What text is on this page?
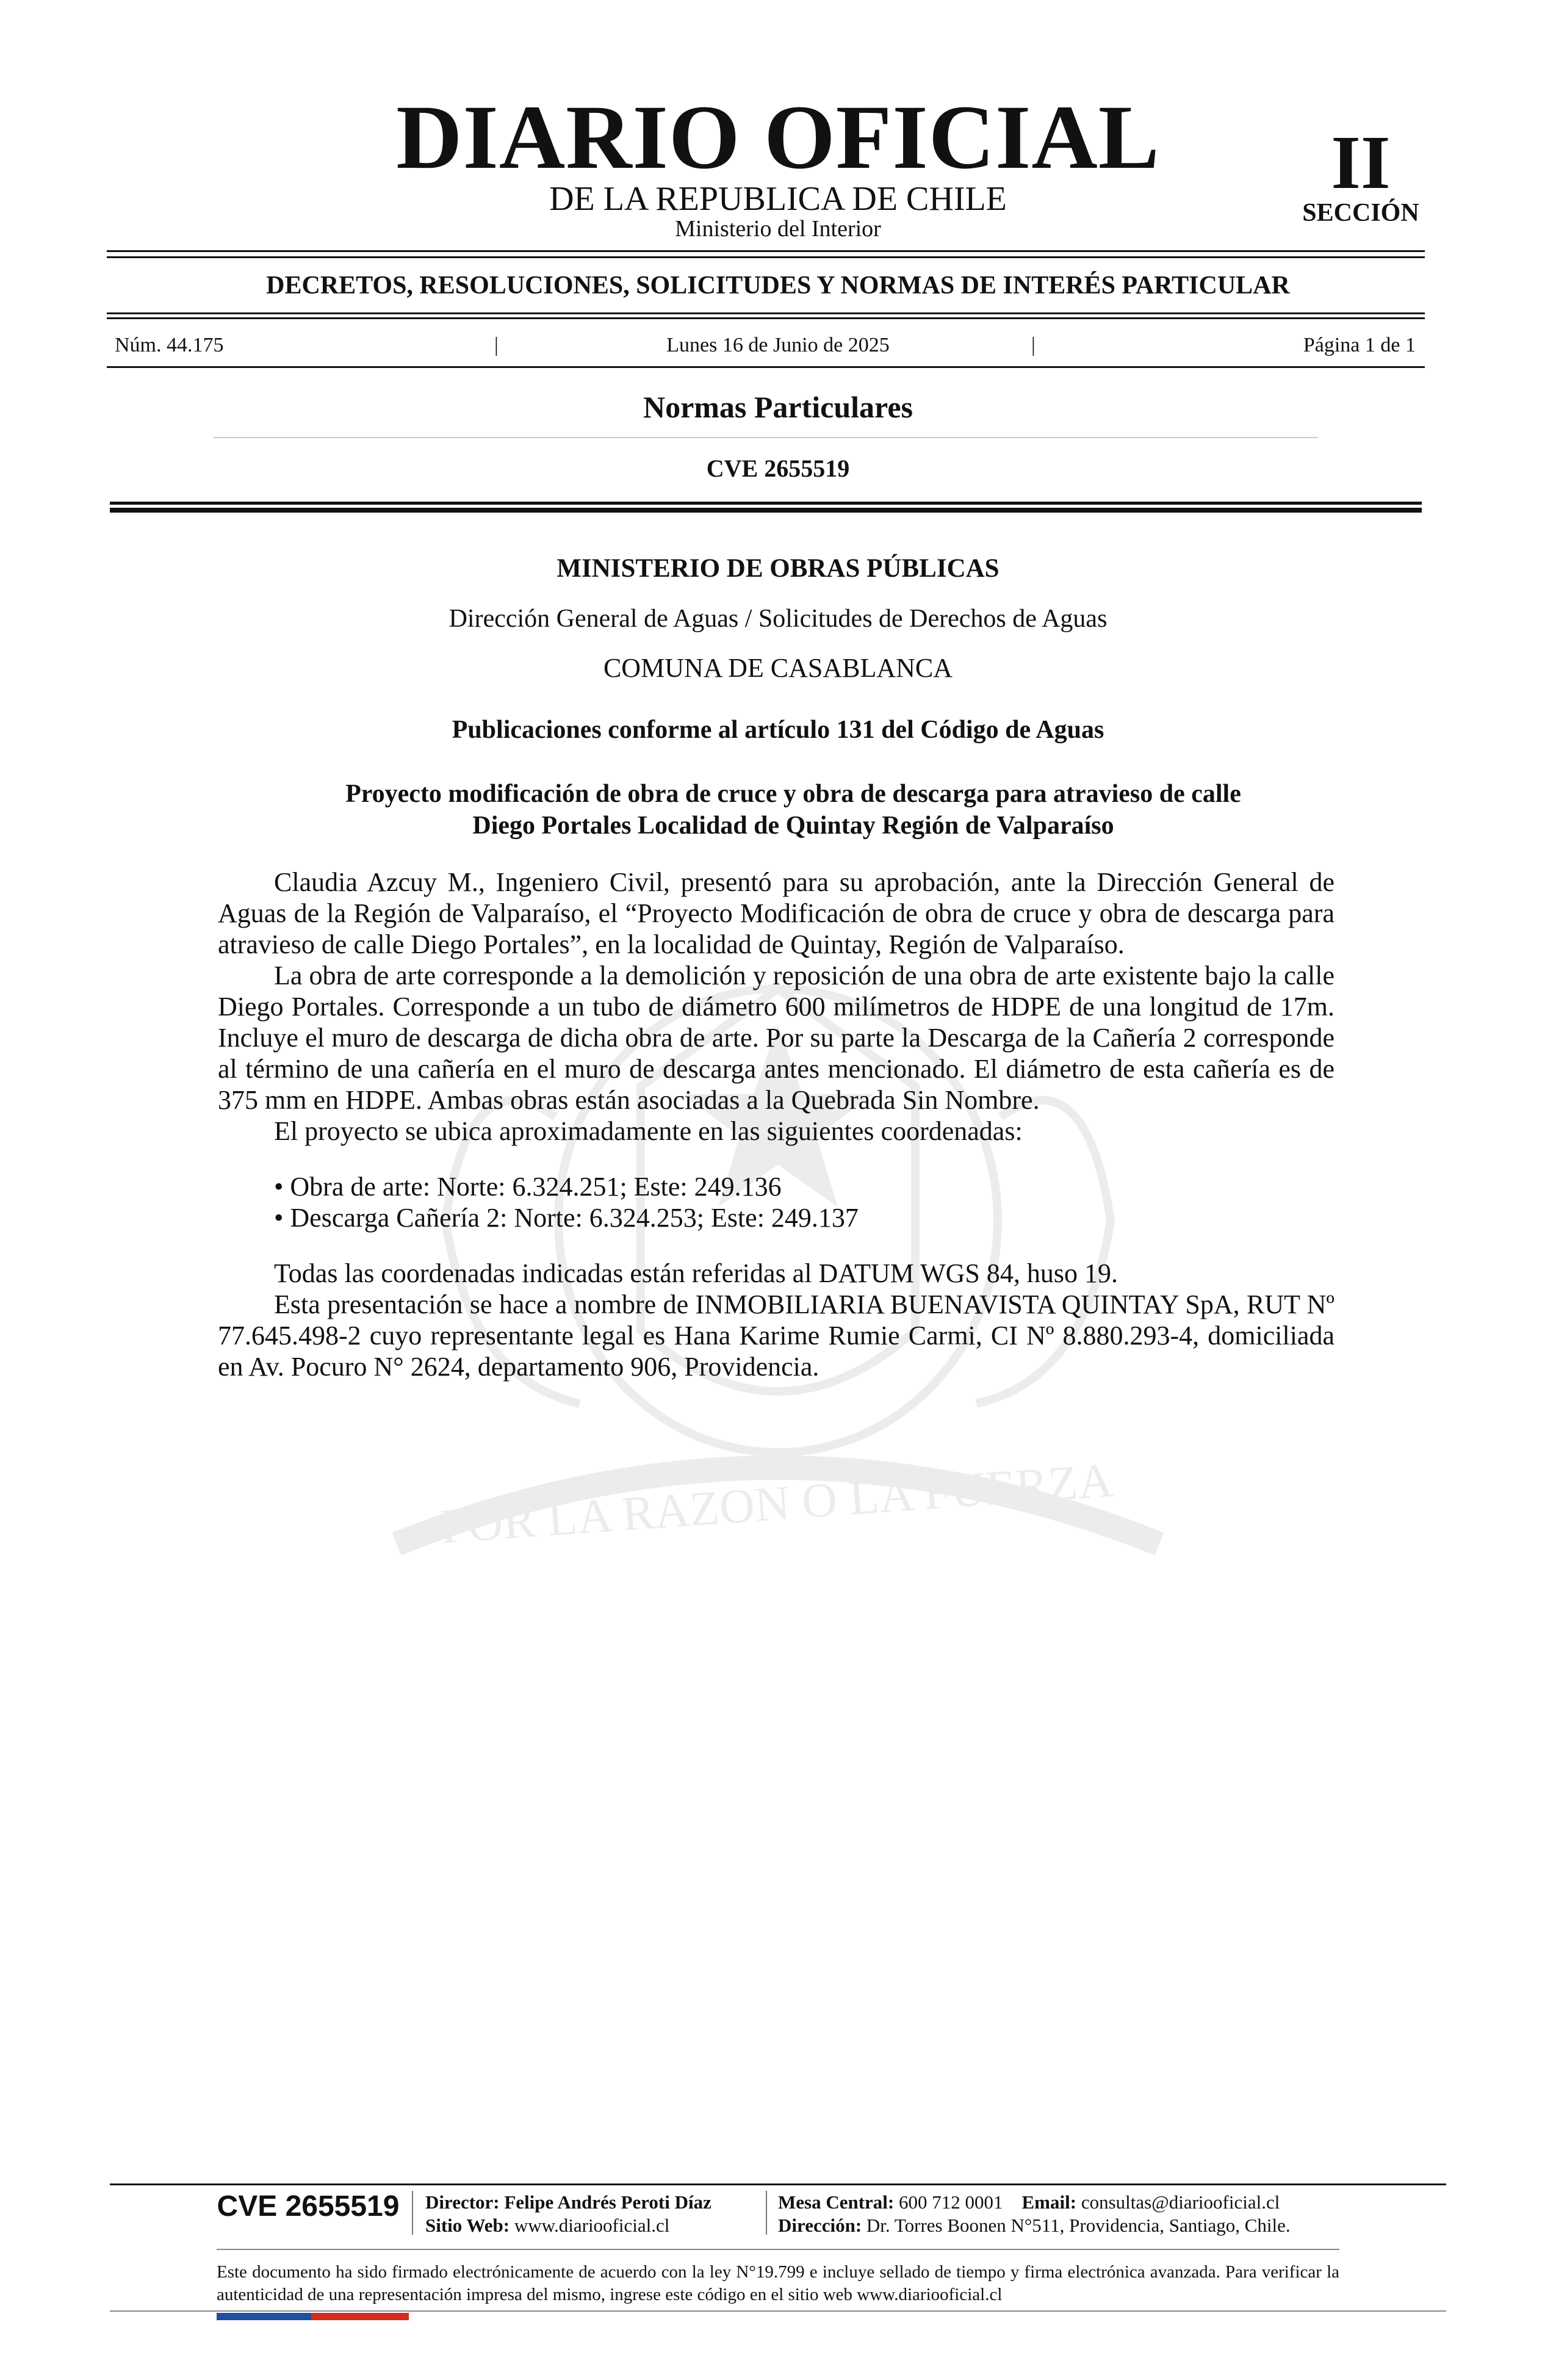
POR LA RAZON O LA FUERZA
DIARIO OFICIAL
DE LA REPUBLICA DE CHILE
Ministerio del Interior
II
SECCIÓN
DECRETOS, RESOLUCIONES, SOLICITUDES Y NORMAS DE INTERÉS PARTICULAR
Núm. 44.175	|	Lunes 16 de Junio de 2025	|	Página 1 de 1
Normas Particulares
CVE 2655519
MINISTERIO DE OBRAS PÚBLICAS
Dirección General de Aguas / Solicitudes de Derechos de Aguas
COMUNA DE CASABLANCA
Publicaciones conforme al artículo 131 del Código de Aguas
Proyecto modificación de obra de cruce y obra de descarga para atravieso de calle
Diego Portales Localidad de Quintay Región de Valparaíso

Claudia Azcuy M., Ingeniero Civil, presentó para su aprobación, ante la Dirección General de Aguas de la Región de Valparaíso, el “Proyecto Modificación de obra de cruce y obra de descarga para atravieso de calle Diego Portales”, en la localidad de Quintay, Región de Valparaíso.

La obra de arte corresponde a la demolición y reposición de una obra de arte existente bajo la calle Diego Portales. Corresponde a un tubo de diámetro 600 milímetros de HDPE de una longitud de 17m. Incluye el muro de descarga de dicha obra de arte. Por su parte la Descarga de la Cañería 2 corresponde al término de una cañería en el muro de descarga antes mencionado. El diámetro de esta cañería es de 375 mm en HDPE. Ambas obras están asociadas a la Quebrada Sin Nombre.

El proyecto se ubica aproximadamente en las siguientes coordenadas:

• Obra de arte: Norte: 6.324.251; Este: 249.136
• Descarga Cañería 2: Norte: 6.324.253; Este: 249.137

Todas las coordenadas indicadas están referidas al DATUM WGS 84, huso 19.

Esta presentación se hace a nombre de INMOBILIARIA BUENAVISTA QUINTAY SpA, RUT Nº 77.645.498-2 cuyo representante legal es Hana Karime Rumie Carmi, CI Nº 8.880.293-4, domiciliada en Av. Pocuro N° 2624, departamento 906, Providencia.

CVE 2655519	Director: Felipe Andrés Peroti Díaz
Sitio Web: www.diariooficial.cl
Mesa Central: 600 712 0001 Email: consultas@diariooficial.cl
Dirección: Dr. Torres Boonen N°511, Providencia, Santiago, Chile.
Este documento ha sido firmado electrónicamente de acuerdo con la ley N°19.799 e incluye sellado de tiempo y firma electrónica avanzada. Para verificar la autenticidad de una representación impresa del mismo, ingrese este código en el sitio web www.diariooficial.cl
